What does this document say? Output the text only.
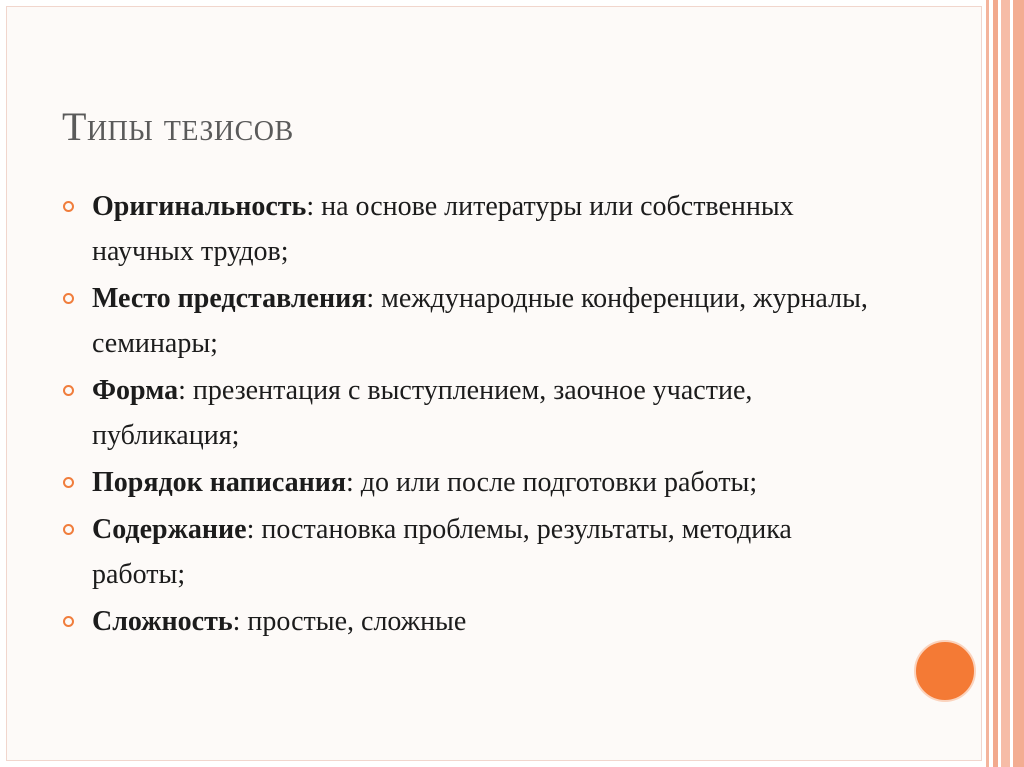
Типы тезисов
Оригинальность: на основе литературы или собственных научных трудов;
Место представления: международные конференции, журналы, семинары;
Форма: презентация с выступлением, заочное участие, публикация;
Порядок написания: до или после подготовки работы;
Содержание: постановка проблемы, результаты, методика работы;
Сложность: простые, сложные
